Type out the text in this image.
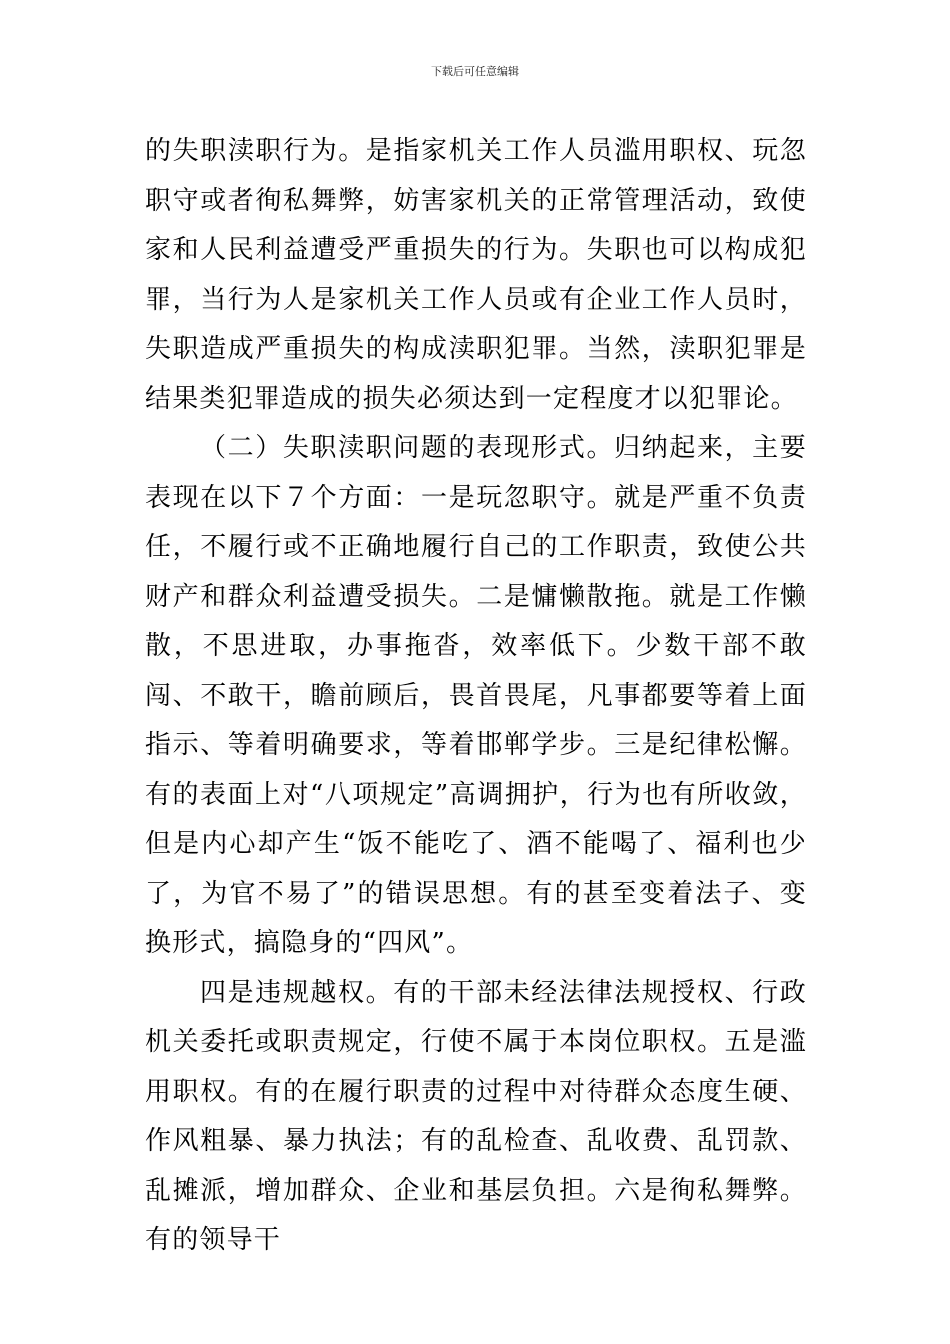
下载后可任意编辑

的失职渎职行为。是指家机关工作人员滥用职权、玩忽职守或者徇私舞弊，妨害家机关的正常管理活动，致使家和人民利益遭受严重损失的行为。失职也可以构成犯罪，当行为人是家机关工作人员或有企业工作人员时，失职造成严重损失的构成渎职犯罪。当然，渎职犯罪是结果类犯罪造成的损失必须达到一定程度才以犯罪论。

（二）失职渎职问题的表现形式。归纳起来，主要表现在以下７个方面：一是玩忽职守。就是严重不负责任，不履行或不正确地履行自己的工作职责，致使公共财产和群众利益遭受损失。二是慵懒散拖。就是工作懒散，不思进取，办事拖沓，效率低下。少数干部不敢闯、不敢干，瞻前顾后，畏首畏尾，凡事都要等着上面指示、等着明确要求，等着邯郸学步。三是纪律松懈。有的表面上对“八项规定”高调拥护，行为也有所收敛，但是内心却产生“饭不能吃了、酒不能喝了、福利也少了，为官不易了”的错误思想。有的甚至变着法子、变换形式，搞隐身的“四风”。

四是违规越权。有的干部未经法律法规授权、行政机关委托或职责规定，行使不属于本岗位职权。五是滥用职权。有的在履行职责的过程中对待群众态度生硬、作风粗暴、暴力执法；有的乱检查、乱收费、乱罚款、乱摊派，增加群众、企业和基层负担。六是徇私舞弊。有的领导干
